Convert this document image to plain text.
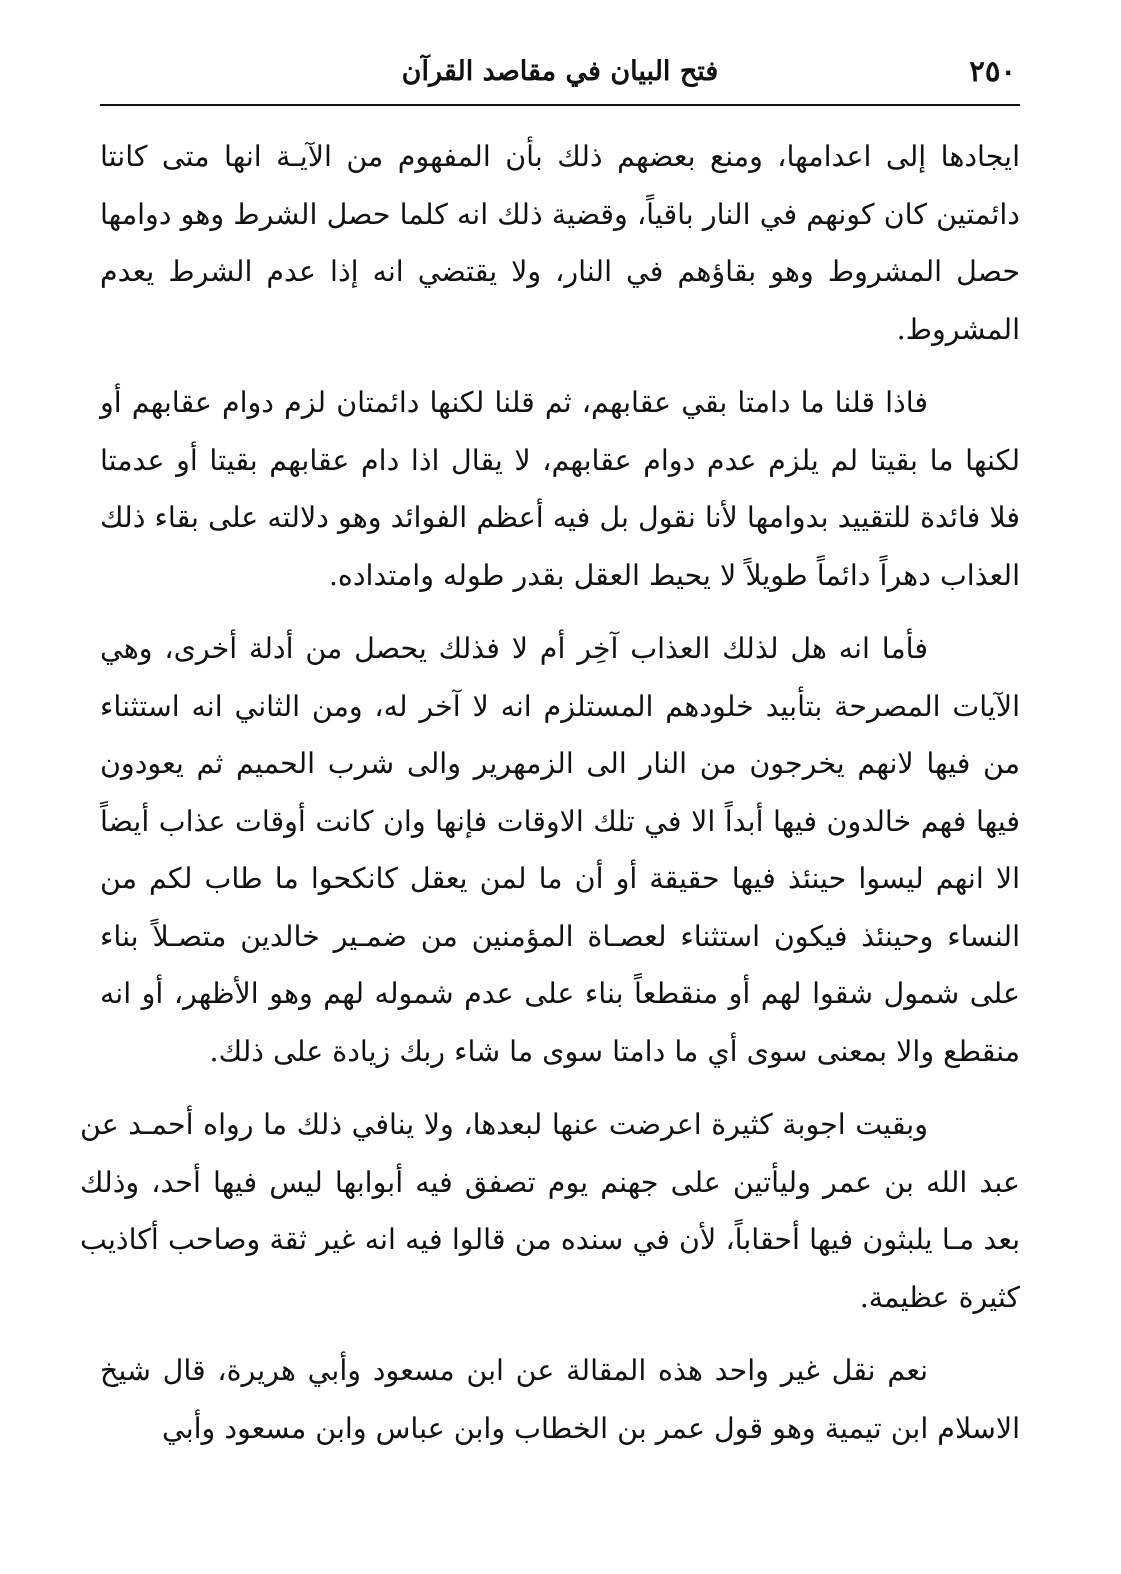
٢٥٠
فتح البيان في مقاصد القرآن

ايجادها إلى اعدامها، ومنع بعضهم ذلك بأن المفهوم من الآيـة انها متى كانتا دائمتين كان كونهم في النار باقياً، وقضية ذلك انه كلما حصل الشرط وهو دوامها حصل المشروط وهو بقاؤهم في النار، ولا يقتضي انه إذا عدم الشرط يعدم المشروط.

فاذا قلنا ما دامتا بقي عقابهم، ثم قلنا لكنها دائمتان لزم دوام عقابهم أو لكنها ما بقيتا لم يلزم عدم دوام عقابهم، لا يقال اذا دام عقابهم بقيتا أو عدمتا فلا فائدة للتقييد بدوامها لأنا نقول بل فيه أعظم الفوائد وهو دلالته على بقاء ذلك العذاب دهراً دائماً طويلاً لا يحيط العقل بقدر طوله وامتداده.

فأما انه هل لذلك العذاب آخِر أم لا فذلك يحصل من أدلة أخرى، وهي الآيات المصرحة بتأبيد خلودهم المستلزم انه لا آخر له، ومن الثاني انه استثناء من فيها لانهم يخرجون من النار الى الزمهرير والى شرب الحميم ثم يعودون فيها فهم خالدون فيها أبداً الا في تلك الاوقات فإنها وان كانت أوقات عذاب أيضاً الا انهم ليسوا حينئذ فيها حقيقة أو أن ما لمن يعقل كانكحوا ما طاب لكم من النساء وحينئذ فيكون استثناء لعصـاة المؤمنين من ضمـير خالدين متصـلاً بناء على شمول شقوا لهم أو منقطعاً بناء على عدم شموله لهم وهو الأظهر، أو انه منقطع والا بمعنى سوى أي ما دامتا سوى ما شاء ربك زيادة على ذلك.

وبقيت اجوبة كثيرة اعرضت عنها لبعدها، ولا ينافي ذلك ما رواه أحمـد عن عبد الله بن عمر وليأتين على جهنم يوم تصفق فيه أبوابها ليس فيها أحد، وذلك بعد مـا يلبثون فيها أحقاباً، لأن في سنده من قالوا فيه انه غير ثقة وصاحب أكاذيب كثيرة عظيمة.

نعم نقل غير واحد هذه المقالة عن ابن مسعود وأبي هريرة، قال شيخ الاسلام ابن تيمية وهو قول عمر بن الخطاب وابن عباس وابن مسعود وأبي
